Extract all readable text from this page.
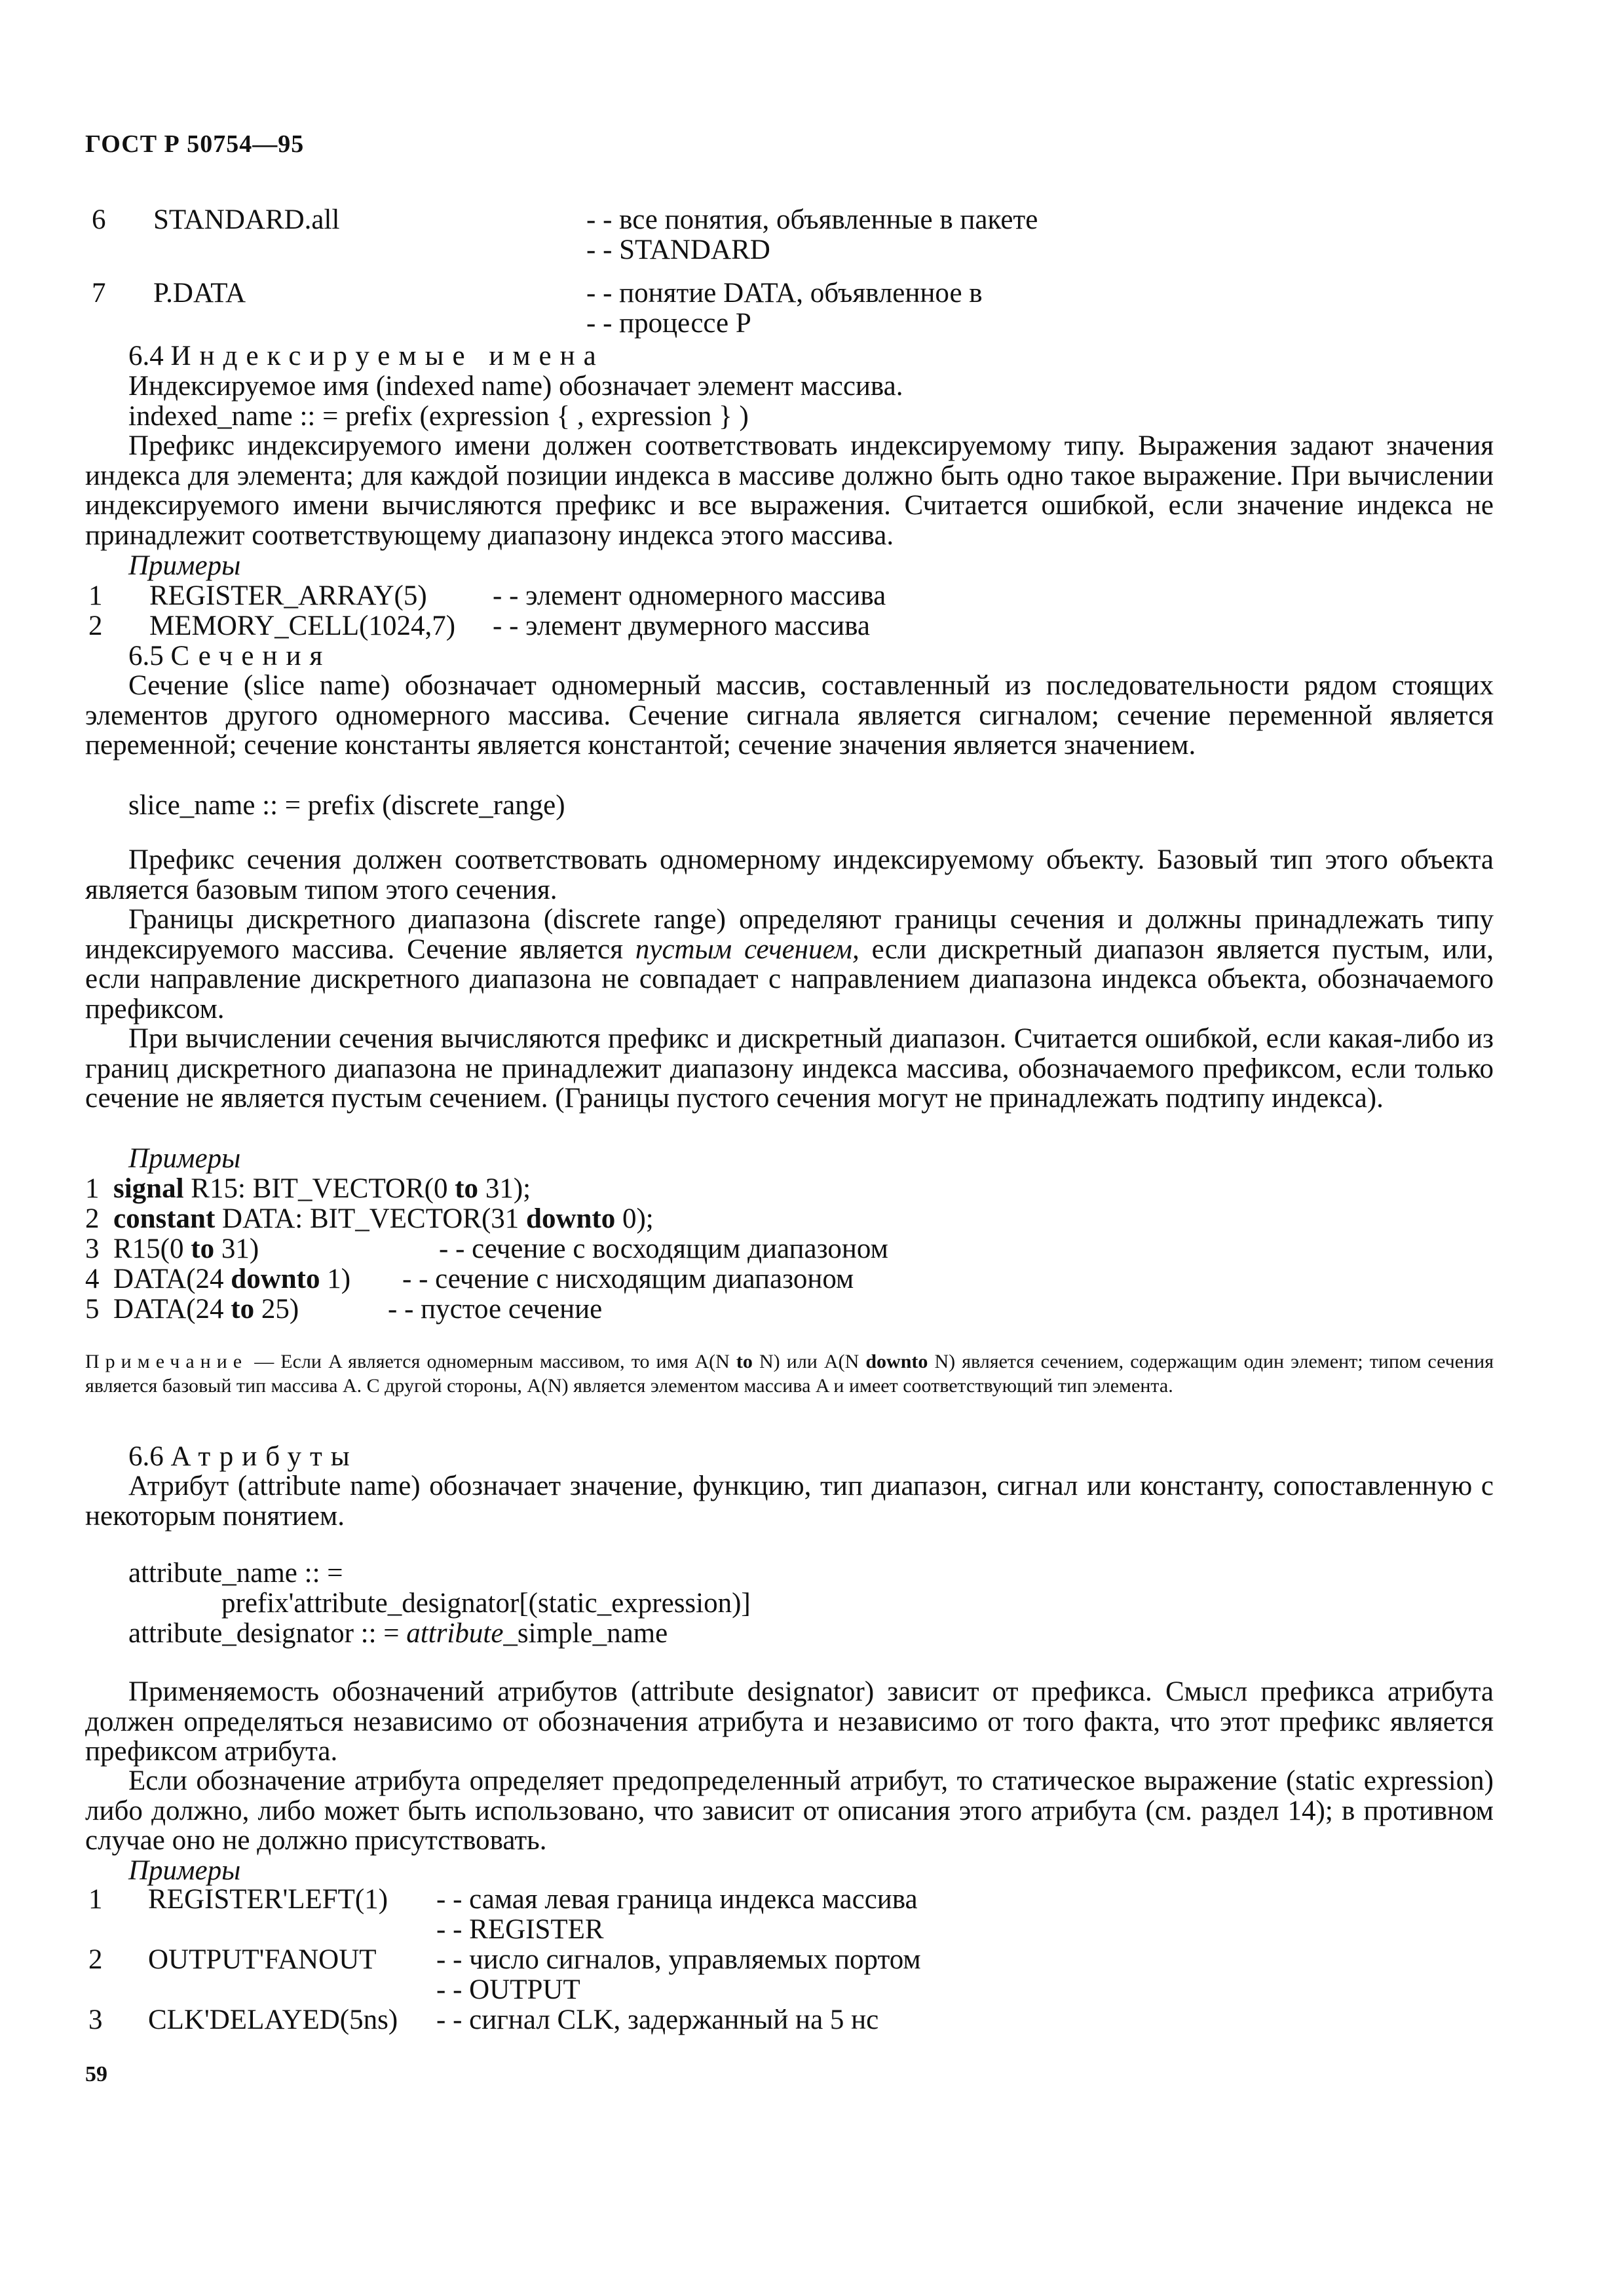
ГОСТ Р 50754—95
6 STANDARD.all	- - все понятия, объявленные в пакете
- - STANDARD
7 P.DATA	- - понятие DATA, объявленное в
- - процессе P
6.4 Индексируемые имена
Индексируемое имя (indexed name) обозначает элемент массива.
indexed_name :: = prefix (expression { , expression } )
Префикс индексируемого имени должен соответствовать индексируемому типу. Выражения задают значения индекса для элемента; для каждой позиции индекса в массиве должно быть одно такое выражение. При вычислении индексируемого имени вычисляются префикс и все выражения. Считается ошибкой, если значение индекса не принадлежит соответствующему диапазону индекса этого массива.
Примеры
1 REGISTER_ARRAY(5) - - элемент одномерного массива
2 MEMORY_CELL(1024,7) - - элемент двумерного массива
6.5 Сечения
Сечение (slice name) обозначает одномерный массив, составленный из последовательности рядом стоящих элементов другого одномерного массива. Сечение сигнала является сигналом; сечение переменной является переменной; сечение константы является константой; сечение значения является значением.
slice_name :: = prefix (discrete_range)
Префикс сечения должен соответствовать одномерному индексируемому объекту. Базовый тип этого объекта является базовым типом этого сечения.
Границы дискретного диапазона (discrete range) определяют границы сечения и должны принадлежать типу индексируемого массива. Сечение является пустым сечением, если дискретный диапазон является пустым, или, если направление дискретного диапазона не совпадает с направлением диапазона индекса объекта, обозначаемого префиксом.
При вычислении сечения вычисляются префикс и дискретный диапазон. Считается ошибкой, если какая-либо из границ дискретного диапазона не принадлежит диапазону индекса массива, обозначаемого префиксом, если только сечение не является пустым сечением. (Границы пустого сечения могут не принадлежать подтипу индекса).
Примеры
1 signal R15: BIT_VECTOR(0 to 31);
2 constant DATA: BIT_VECTOR(31 downto 0);
3 R15(0 to 31)	- - сечение с восходящим диапазоном
4 DATA(24 downto 1) - - сечение с нисходящим диапазоном
5 DATA(24 to 25)	- - пустое сечение
Примечание — Если A является одномерным массивом, то имя A(N to N) или A(N downto N) является сечением, содержащим один элемент; типом сечения является базовый тип массива A. С другой стороны, A(N) является элементом массива A и имеет соответствующий тип элемента.
6.6 Атрибуты
Атрибут (attribute name) обозначает значение, функцию, тип диапазон, сигнал или константу, сопоставленную с некоторым понятием.
attribute_name :: =
prefix'attribute_designator[(static_expression)]
attribute_designator :: = attribute_simple_name
Применяемость обозначений атрибутов (attribute designator) зависит от префикса. Смысл префикса атрибута должен определяться независимо от обозначения атрибута и независимо от того факта, что этот префикс является префиксом атрибута.
Если обозначение атрибута определяет предопределенный атрибут, то статическое выражение (static expression) либо должно, либо может быть использовано, что зависит от описания этого атрибута (см. раздел 14); в противном случае оно не должно присутствовать.
Примеры
1 REGISTER'LEFT(1) - - самая левая граница индекса массива
- - REGISTER
2 OUTPUT'FANOUT - - число сигналов, управляемых портом
- - OUTPUT
3 CLK'DELAYED(5ns) - - сигнал CLK, задержанный на 5 нс
59
